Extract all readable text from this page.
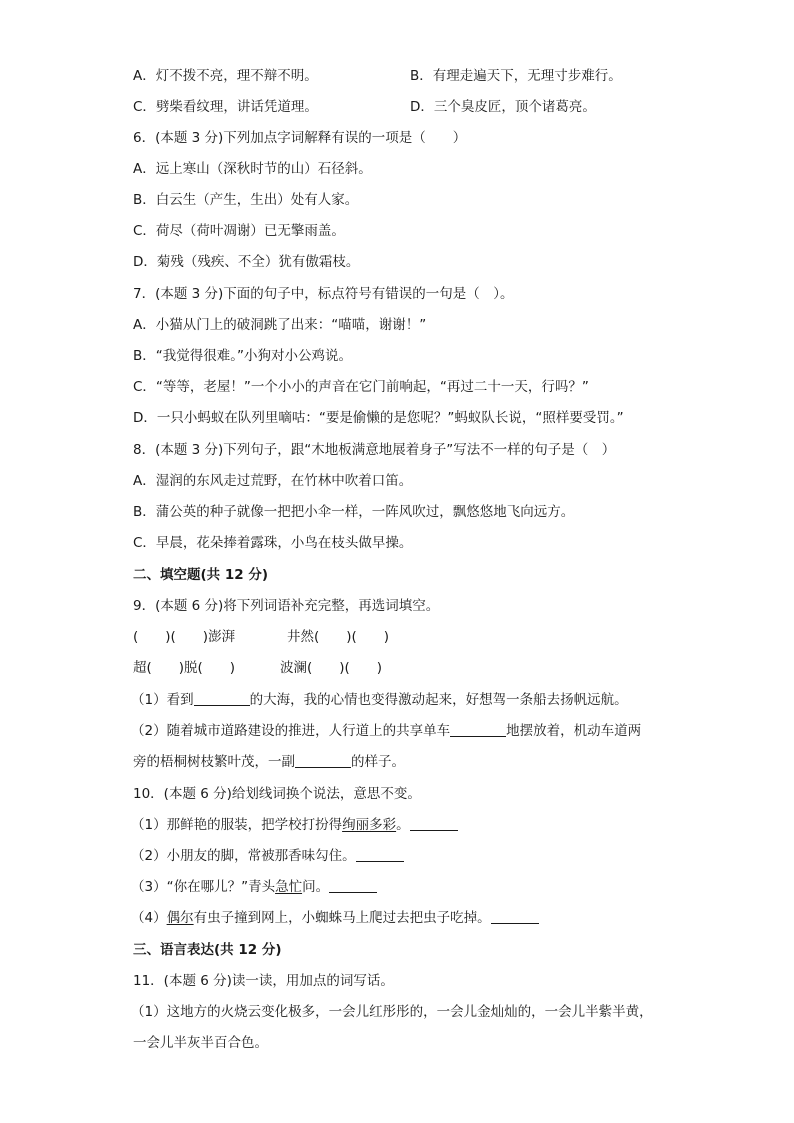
A．灯不拨不亮，理不辩不明。	B．有理走遍天下，无理寸步难行。
C．劈柴看纹理，讲话凭道理。	D．三个臭皮匠，顶个诸葛亮。
6．(本题 3 分)下列加点字词解释有误的一项是（　　）
A．远上寒山（深秋时节的山）石径斜。
B．白云生（产生，生出）处有人家。
C．荷尽（荷叶凋谢）已无擎雨盖。
D．菊残（残疾、不全）犹有傲霜枝。
7．(本题 3 分)下面的句子中，标点符号有错误的一句是（　）。
A．小猫从门上的破洞跳了出来：“喵喵，谢谢！”
B．“我觉得很难。”小狗对小公鸡说。
C．“等等，老屋！”一个小小的声音在它门前响起，“再过二十一天，行吗？”
D．一只小蚂蚁在队列里嘀咕：“要是偷懒的是您呢？”蚂蚁队长说，“照样要受罚。”
8．(本题 3 分)下列句子，跟“木地板满意地展着身子”写法不一样的句子是（　）
A．湿润的东风走过荒野，在竹林中吹着口笛。
B．蒲公英的种子就像一把把小伞一样，一阵风吹过，飘悠悠地飞向远方。
C．早晨，花朵捧着露珠，小鸟在枝头做早操。
二、填空题(共 12 分)
9．(本题 6 分)将下列词语补充完整，再选词填空。
(　　)(　　)澎湃	井然(　　)(　　)
超(　　)脱(　　)	波澜(　　)(　　)
（1）看到	的大海，我的心情也变得激动起来，好想驾一条船去扬帆远航。
（2）随着城市道路建设的推进，人行道上的共享单车	地摆放着，机动车道两
旁的梧桐树枝繁叶茂，一副	的样子。
10．(本题 6 分)给划线词换个说法，意思不变。
（1）那鲜艳的服装，把学校打扮得绚丽多彩。
（2）小朋友的脚，常被那香味勾住。
（3）“你在哪儿？”青头急忙问。
（4）偶尔有虫子撞到网上，小蜘蛛马上爬过去把虫子吃掉。
三、语言表达(共 12 分)
11．(本题 6 分)读一读，用加点的词写话。
（1）这地方的火烧云变化极多，一会儿红彤彤的，一会儿金灿灿的，一会儿半紫半黄，
一会儿半灰半百合色。
